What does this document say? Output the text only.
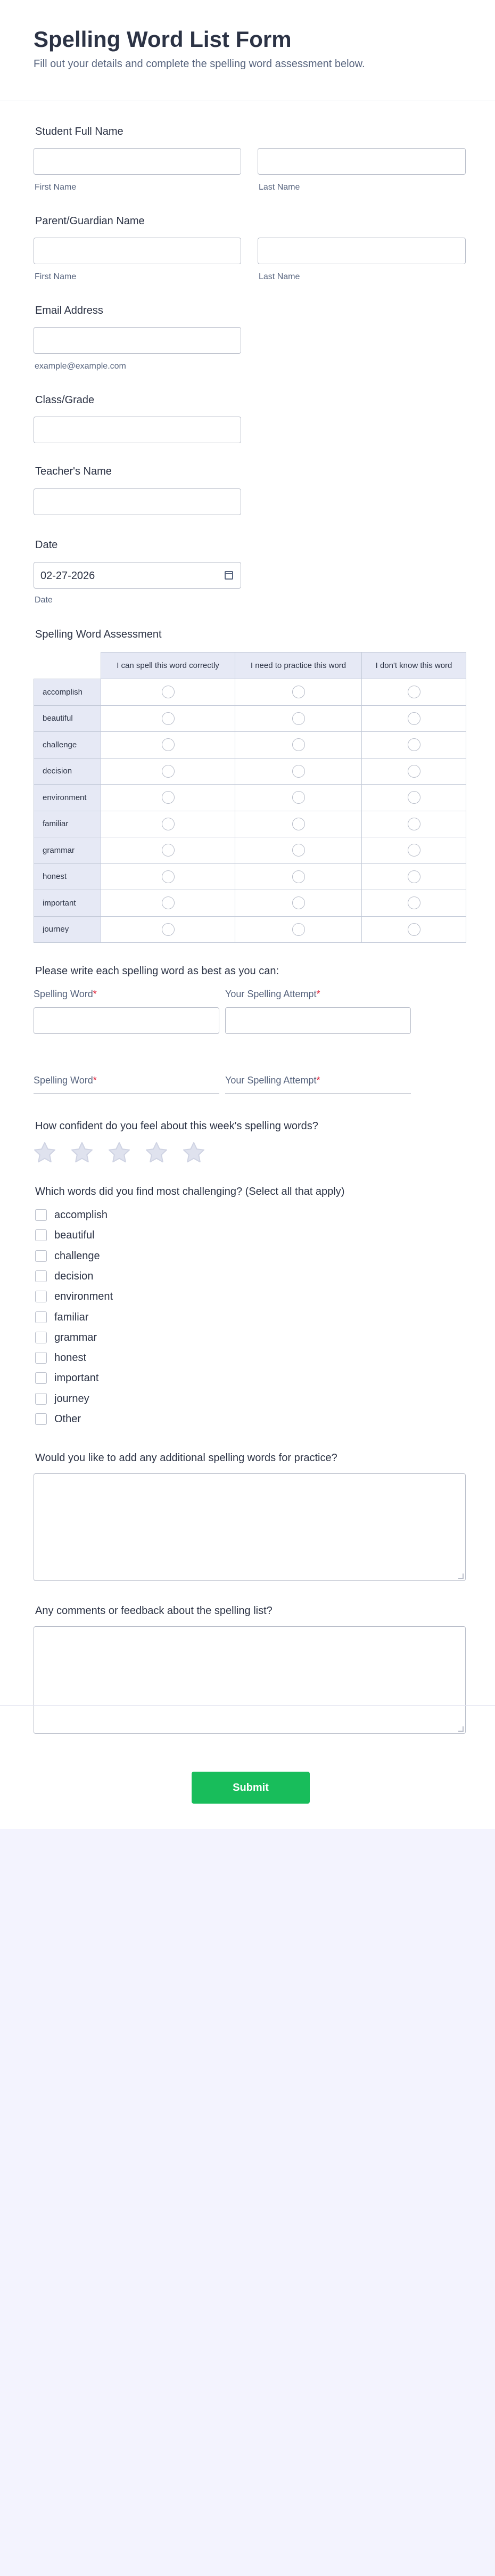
Spelling Word List Form
Fill out your details and complete the spelling word assessment below.
Student Full Name
First Name	Last Name
Parent/Guardian Name
First Name	Last Name
Email Address
example@example.com
Class/Grade
Teacher's Name
Date
02-27-2026
Date
Spelling Word Assessment
	I can spell this word correctly	I need to practice this word	I don't know this word
accomplish			
beautiful			
challenge			
decision			
environment			
familiar			
grammar			
honest			
important			
journey			
Please write each spelling word as best as you can:
Spelling Word*	Your Spelling Attempt*
Spelling Word*	Your Spelling Attempt*
How confident do you feel about this week's spelling words?
Which words did you find most challenging? (Select all that apply)
accomplish
beautiful
challenge
decision
environment
familiar
grammar
honest
important
journey
Other
Would you like to add any additional spelling words for practice?
Any comments or feedback about the spelling list?
Submit
